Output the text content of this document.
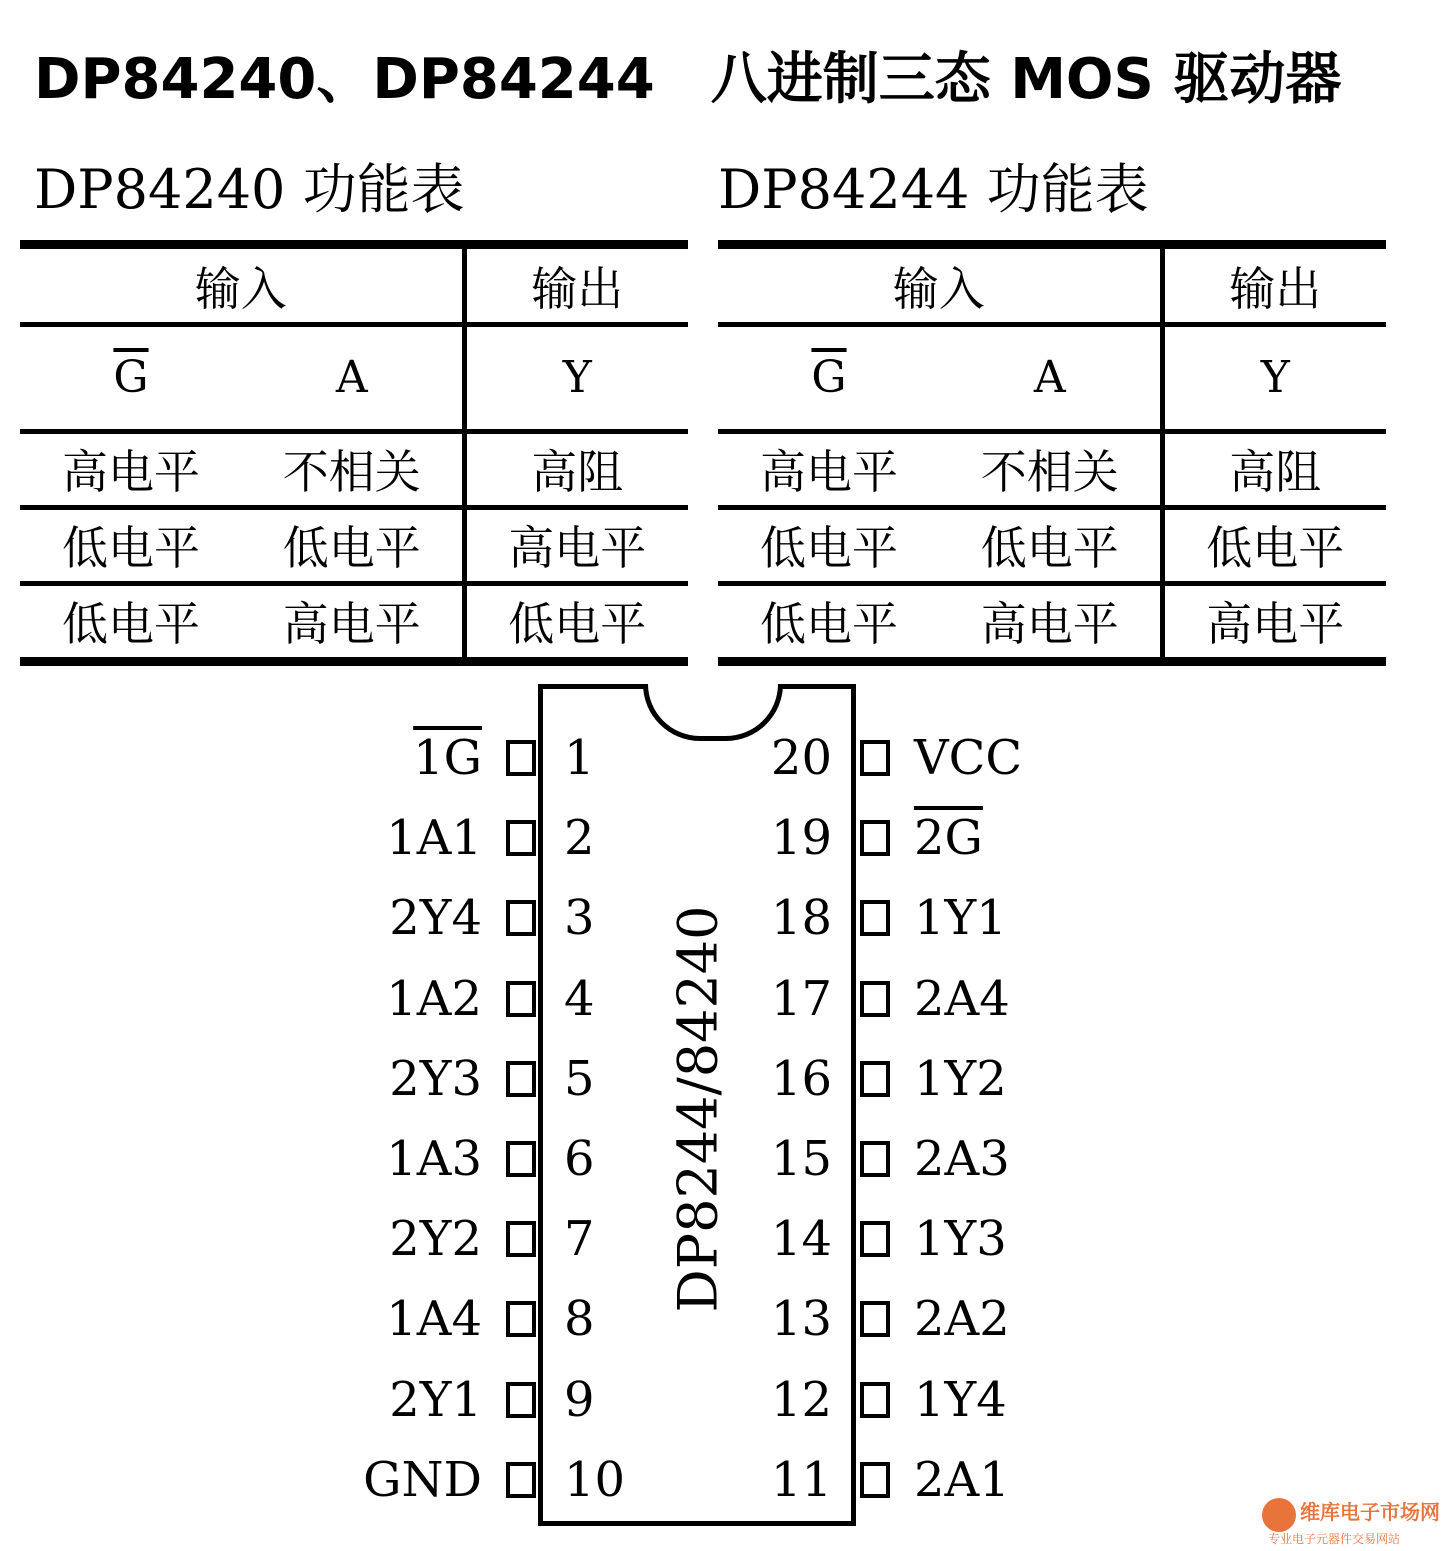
DP84240、DP84244　八进制三态 MOS 驱动器
DP84240 功能表
输入		输出
$\overline{G}$	A	Y
高电平	不相关	高阻
低电平	低电平	高电平
低电平	高电平	低电平
DP84244 功能表
输入		输出
$\overline{G}$	A	Y
高电平	不相关	高阻
低电平	低电平	低电平
低电平	高电平	高电平
DP8244/84240
1G 1
1A1 2
2Y4 3
1A2 4
2Y3 5
1A3 6
2Y2 7
1A4 8
2Y1 9
GND 10
20 VCC
19 2G
18 1Y1
17 2A4
16 1Y2
15 2A3
14 1Y3
13 2A2
12 1Y4
11 2A1
维库电子市场网
专业电子元器件交易网站
